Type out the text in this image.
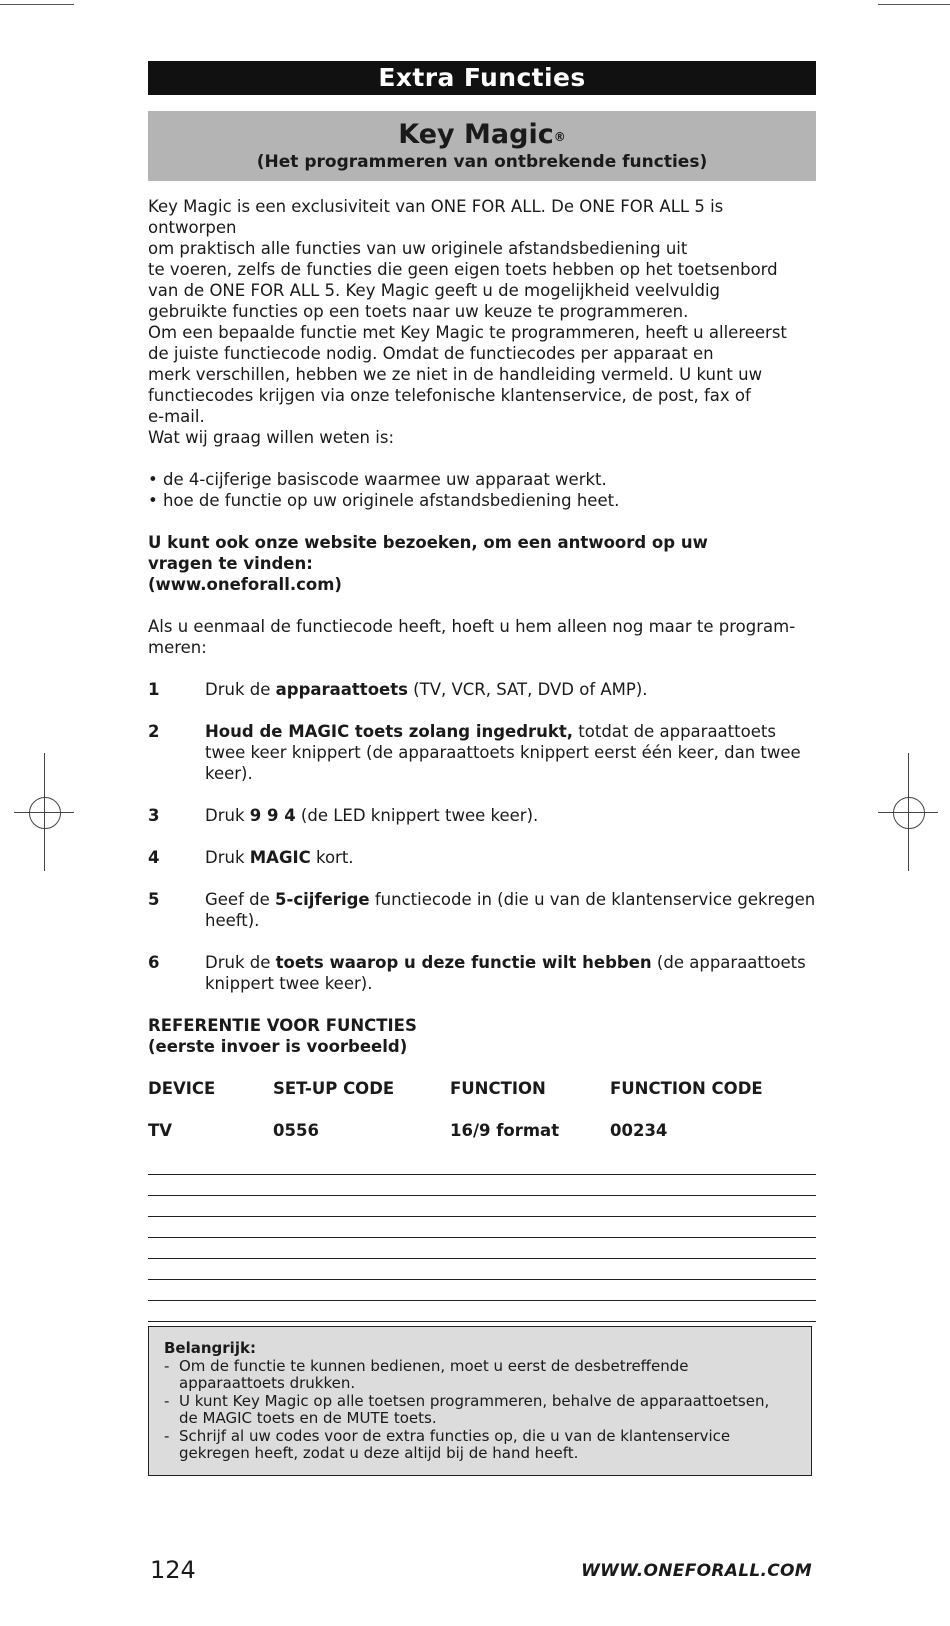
Extra Functies
Key Magic®
(Het programmeren van ontbrekende functies)

Key Magic is een exclusiviteit van ONE FOR ALL. De ONE FOR ALL 5 is ontworpen

om praktisch alle functies van uw originele afstandsbediening uit

te voeren, zelfs de functies die geen eigen toets hebben op het toetsenbord

van de ONE FOR ALL 5. Key Magic geeft u de mogelijkheid veelvuldig

gebruikte functies op een toets naar uw keuze te programmeren.

Om een bepaalde functie met Key Magic te programmeren, heeft u allereerst

de juiste functiecode nodig. Omdat de functiecodes per apparaat en

merk verschillen, hebben we ze niet in de handleiding vermeld. U kunt uw

functiecodes krijgen via onze telefonische klantenservice, de post, fax of

e-mail.

Wat wij graag willen weten is:

• de 4-cijferige basiscode waarmee uw apparaat werkt.

• hoe de functie op uw originele afstandsbediening heet.

U kunt ook onze website bezoeken, om een antwoord op uw

vragen te vinden:

(www.oneforall.com)

Als u eenmaal de functiecode heeft, hoeft u hem alleen nog maar te program-

meren:

1	Druk de apparaattoets (TV, VCR, SAT, DVD of AMP).
2	Houd de MAGIC toets zolang ingedrukt, totdat de apparaattoets twee keer knippert (de apparaattoets knippert eerst één keer, dan twee keer).
3	Druk 9 9 4 (de LED knippert twee keer).
4	Druk MAGIC kort.
5	Geef de 5-cijferige functiecode in (die u van de klantenservice gekregen heeft).
6	Druk de toets waarop u deze functie wilt hebben (de apparaattoets knippert twee keer).
REFERENTIE VOOR FUNCTIES
(eerste invoer is voorbeeld)
DEVICE	SET-UP CODE	FUNCTION	FUNCTION CODE
TV	0556	16/9 format	00234
Belangrijk:
- Om de functie te kunnen bedienen, moet u eerst de desbetreffende
apparaattoets drukken.
- U kunt Key Magic op alle toetsen programmeren, behalve de apparaattoetsen,
de MAGIC toets en de MUTE toets.
- Schrijf al uw codes voor de extra functies op, die u van de klantenservice
gekregen heeft, zodat u deze altijd bij de hand heeft.
124	WWW.ONEFORALL.COM
